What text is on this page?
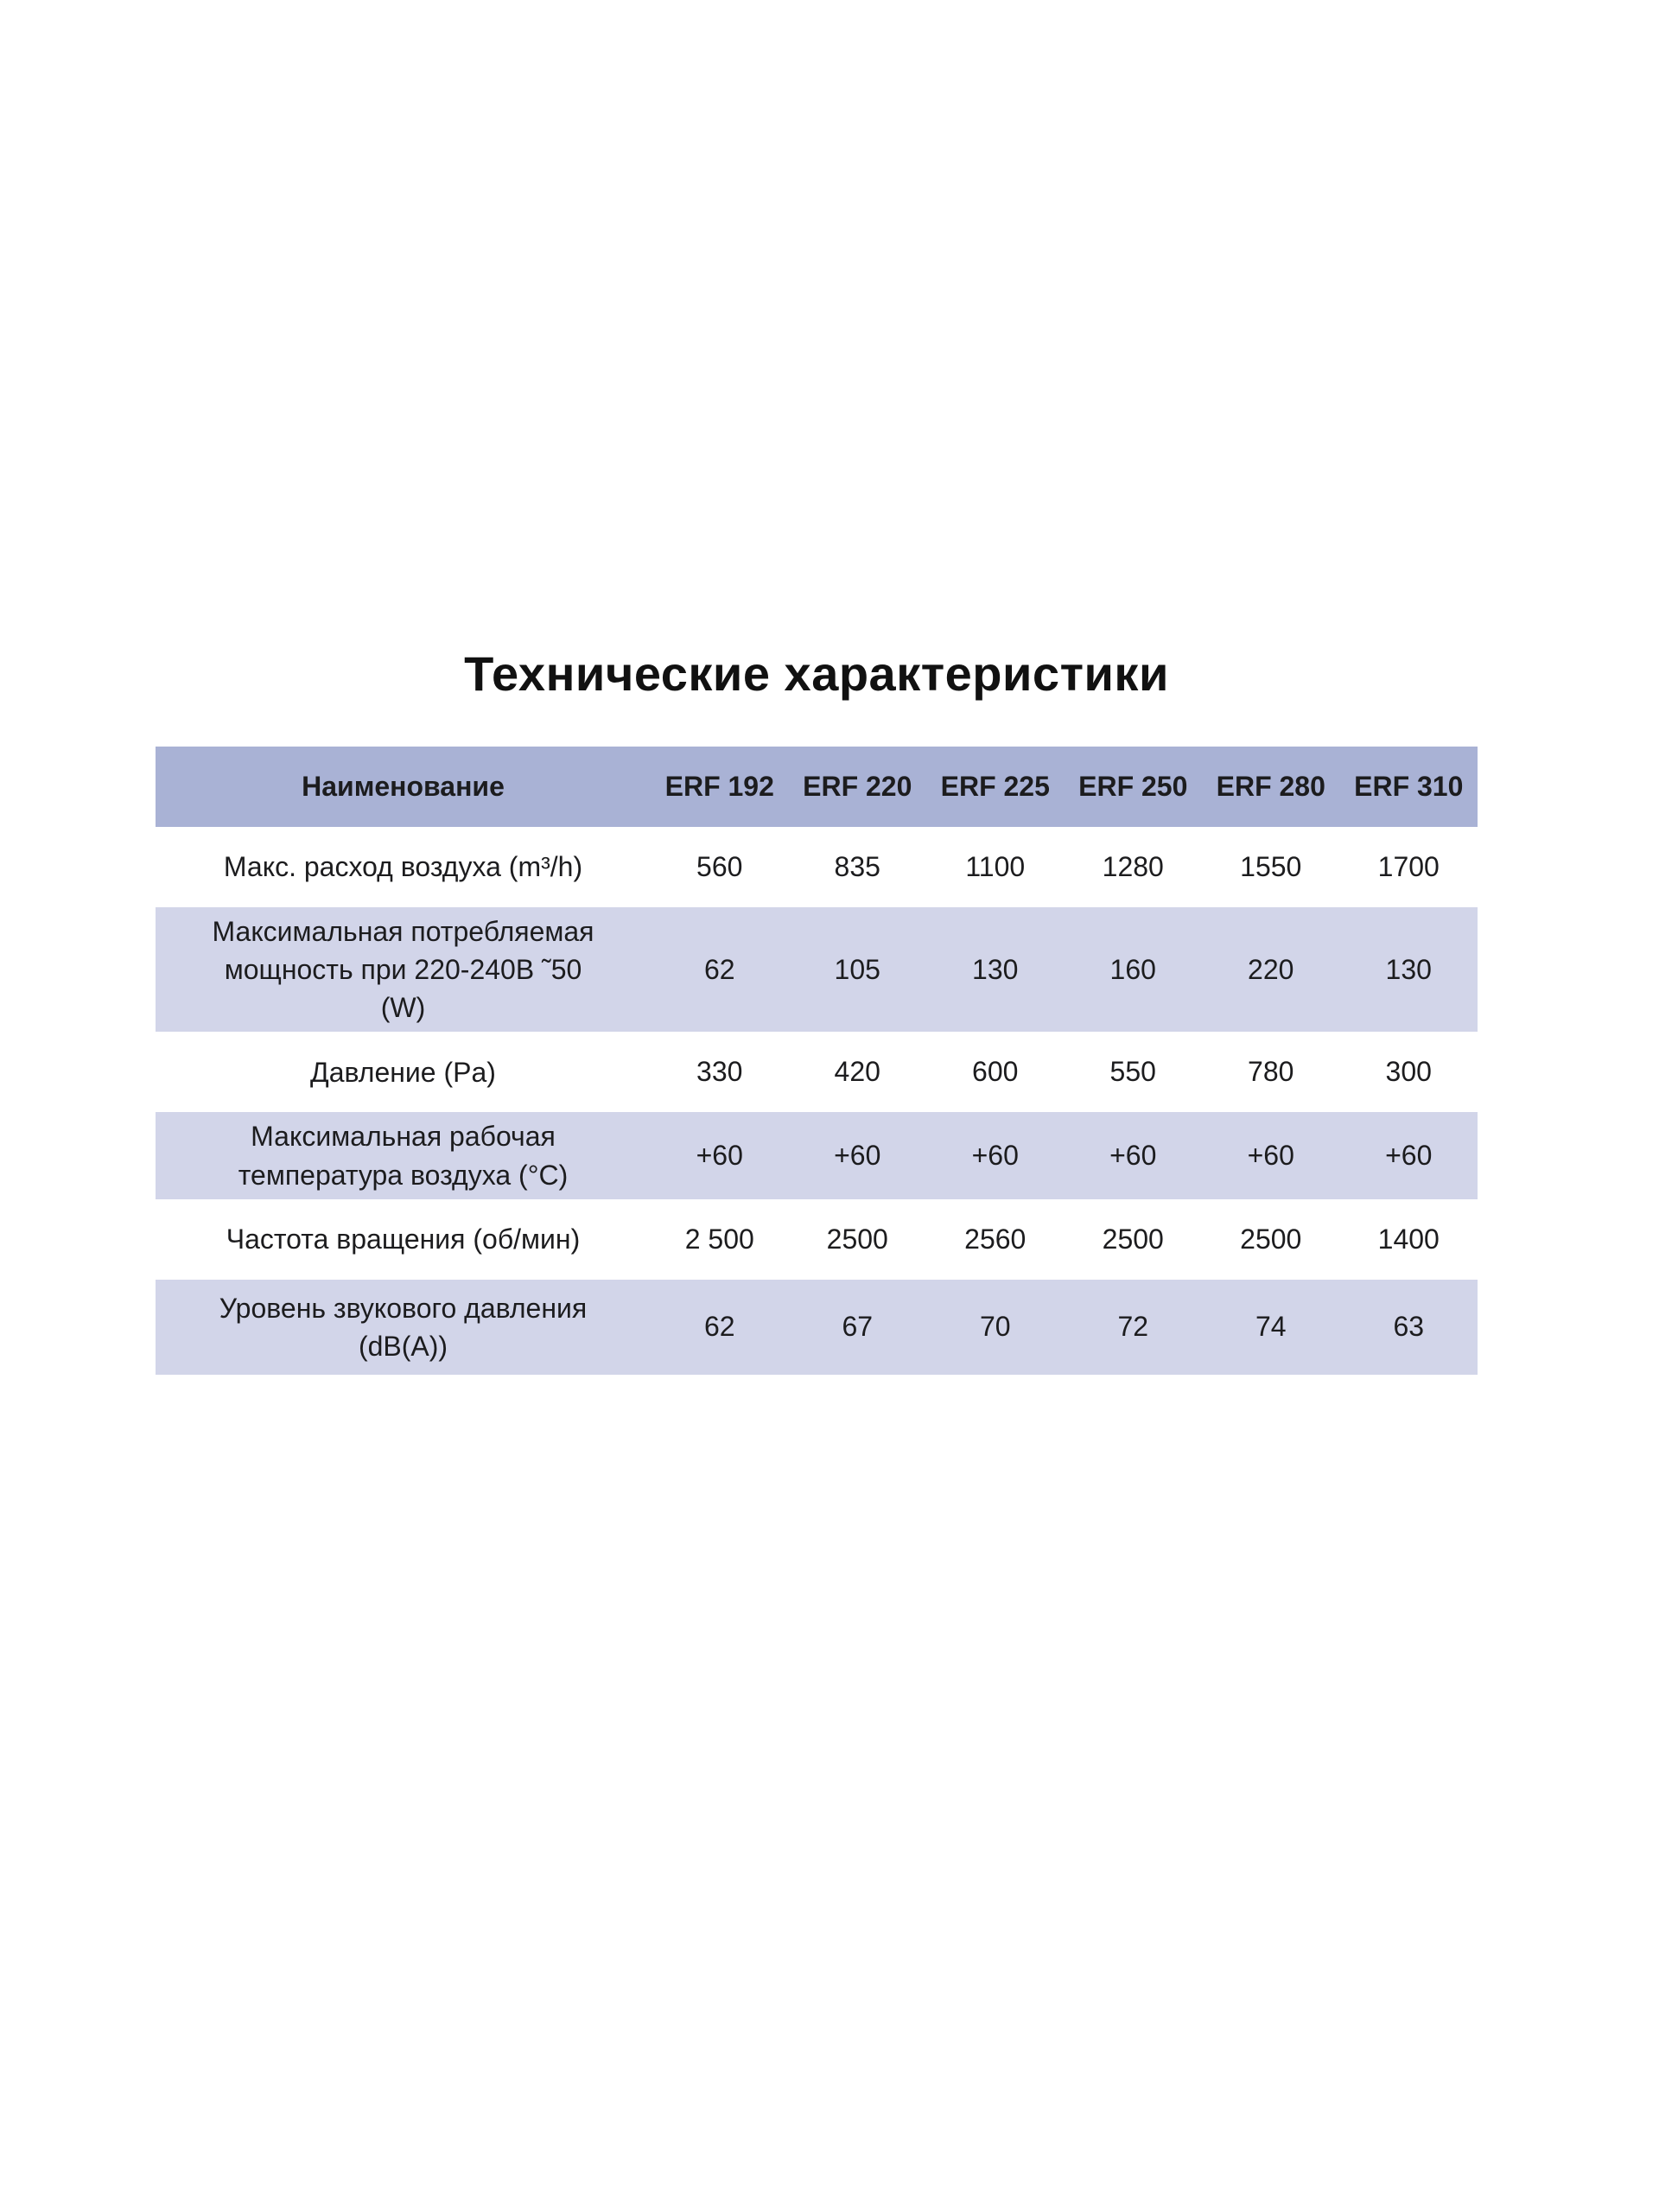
Технические характеристики
Наименование	ERF 192	ERF 220	ERF 225	ERF 250	ERF 280	ERF 310
Макс. расход воздуха (m³/h)	560	835	1100	1280	1550	1700
Максимальная потребляемая мощность при 220-240В ˜50 (W)	62	105	130	160	220	130
Давление (Pa)	330	420	600	550	780	300
Максимальная рабочая температура воздуха (°C)	+60	+60	+60	+60	+60	+60
Частота вращения (об/мин)	2 500	2500	2560	2500	2500	1400
Уровень звукового давления (dB(A))	62	67	70	72	74	63
